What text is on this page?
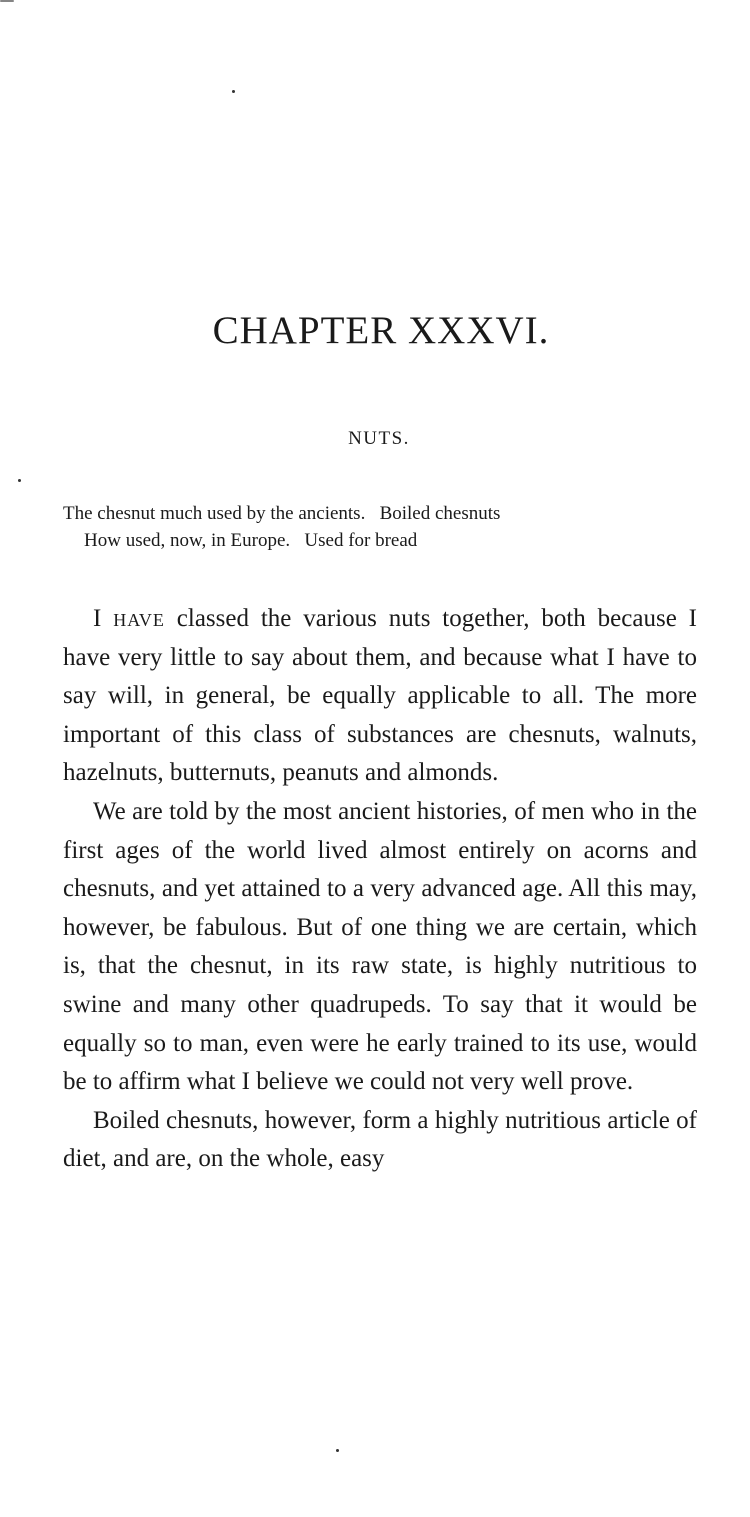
CHAPTER XXXVI.
NUTS.
The chesnut much used by the ancients.   Boiled chesnuts
How used, now, in Europe.   Used for bread

I have classed the various nuts together, both because I have very little to say about them, and because what I have to say will, in general, be equally applicable to all. The more important of this class of substances are chesnuts, walnuts, hazelnuts, butternuts, peanuts and almonds.

We are told by the most ancient histories, of men who in the first ages of the world lived almost entirely on acorns and chesnuts, and yet attained to a very advanced age. All this may, however, be fabulous. But of one thing we are certain, which is, that the chesnut, in its raw state, is highly nutritious to swine and many other quadrupeds. To say that it would be equally so to man, even were he early trained to its use, would be to affirm what I believe we could not very well prove.

Boiled chesnuts, however, form a highly nutritious article of diet, and are, on the whole, easy
